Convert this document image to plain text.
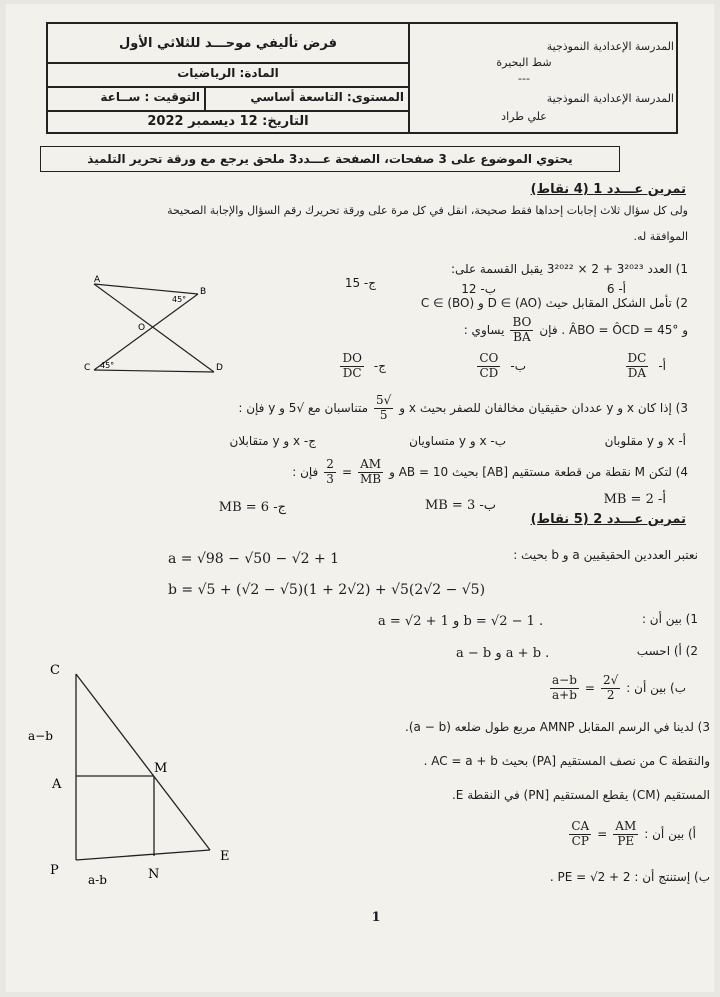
فرض تأليفي موحـــد للثلاثي الأول
المادة: الرياضيات
المستوى: التاسعة أساسي
التوقيت : ســاعة
التاريخ: 12 ديسمبر 2022
المدرسة الإعدادية النموذجية
شط البحيرة
---
المدرسة الإعدادية النموذجية
علي طراد
يحتوي الموضوع على 3 صفحات، الصفحة عـــدد3 ملحق يرجع مع ورقة تحرير التلميذ
تمرين عـــدد 1 (4 نقاط)
ولى كل سؤال ثلاث إجابات إحداها فقط صحيحة، انقل في كل مرة على ورقة تحريرك رقم السؤال والإجابة الصحيحة
الموافقة له.
A
B
45°
O
C 45°	D
1) العدد 3²⁰²³ + 2 × 3²⁰²² يقبل القسمة على:
أ- 6
ب- 12
ج- 15
2) تأمل الشكل المقابل حيث D ∈ (AO) و C ∈ (BO)
و ÂBO = ÔCD = 45° . فإن
$\frac{BO}{BA}$
يساوي :
أ-
$\frac{DC}{DA}$
ب-
$\frac{CO}{CD}$
ج-
$\frac{DO}{DC}$
3) إذا كان x و y عددان حقيقيان مخالفان للصفر بحيث x و
$\frac{√5}{5}$
متناسبان مع √5 و y فإن :
أ- x و y مقلوبان
ب- x و y متساويان
ج- x و y متقابلان
4) لتكن M نقطة من قطعة مستقيم [AB] بحيث AB = 10 و
$\frac{AM}{MB}$
=
$\frac{2}{3}$
فإن :
أ- MB = 2
ب- MB = 3
ج- MB = 6
تمرين عـــدد 2 (5 نقاط)
نعتبر العددين الحقيقيين a و b بحيث :
a = √98 − √50 − √2 + 1
b = √5 + (√2 − √5)(1 + 2√2) + √5(2√2 − √5)
1) بين أن :
a = √2 + 1 و b = √2 − 1 .
2) أ) احسب
a − b و a + b .
ب) بين أن :
$\frac{√2}{2}$
=
$\frac{a-b}{a+b}$
3) لدينا في الرسم المقابل AMNP مربع طول ضلعه (a − b).
والنقطة C من نصف المستقيم [PA) بحيث AC = a + b .
المستقيم (CM) يقطع المستقيم [PN) في النقطة E.
أ) بين أن :
$\frac{AM}{PE}$
=
$\frac{CA}{CP}$
ب) إستنتج أن : PE = √2 + 2 .
C
a−b
A
M
P	N
E
a-b
1
